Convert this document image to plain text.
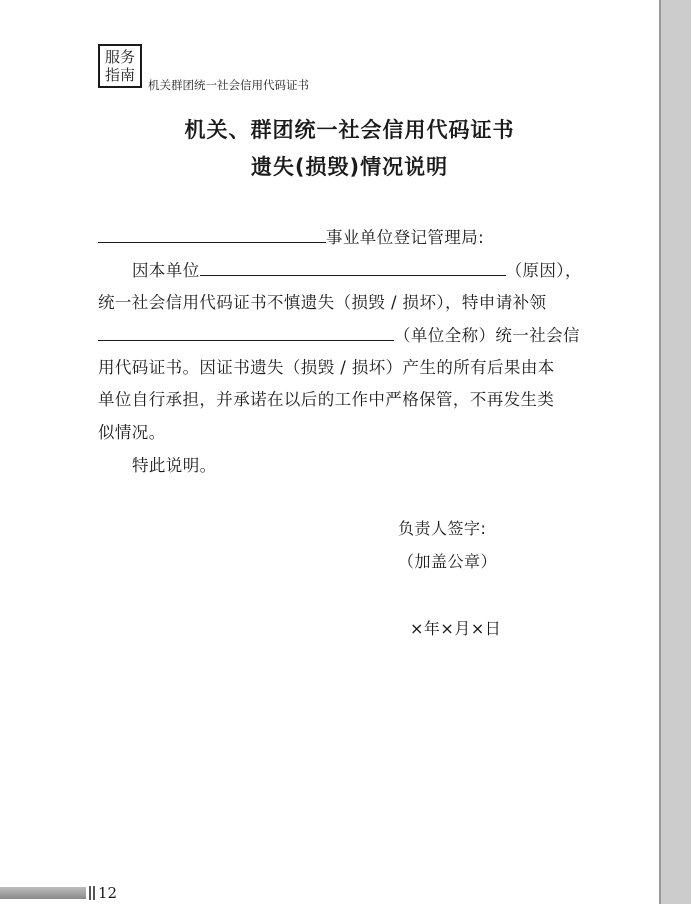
服务
指南
机关群团统一社会信用代码证书
机关、群团统一社会信用代码证书
遗失(损毁)情况说明
事业单位登记管理局:
因本单位	（原因），
统一社会信用代码证书不慎遗失（损毁 / 损坏），特申请补领
（单位全称）统一社会信
用代码证书。因证书遗失（损毁 / 损坏）产生的所有后果由本
单位自行承担，并承诺在以后的工作中严格保管，不再发生类
似情况。
特此说明。
负责人签字:
（加盖公章）
×年×月×日
12
